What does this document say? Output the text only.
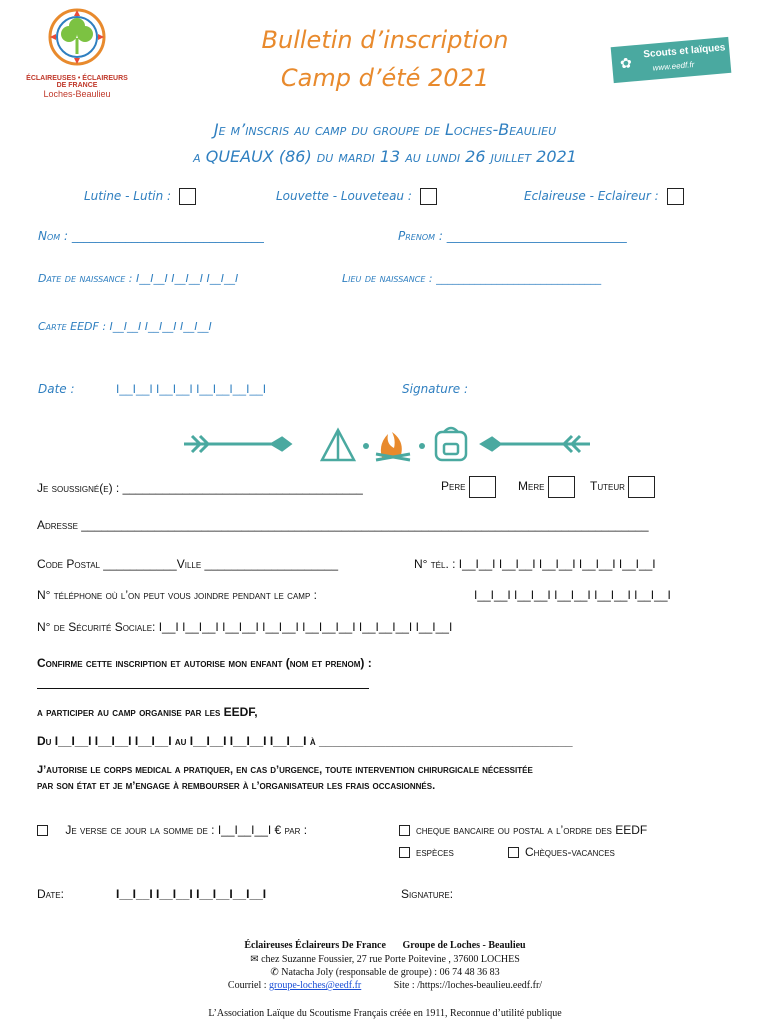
ÉCLAIREUSES • ÉCLAIREURS
DE FRANCE
Loches-Beaulieu
Bulletin d’inscription
Camp d’été 2021
✿
Scouts et laïques
www.eedf.fr
Je m’inscris au camp du groupe de Loches-Beaulieu
a QUEAUX (86) du mardi 13 au lundi 26 juillet 2021
Lutine - Lutin :	Louvette - Louveteau :	Eclaireuse - Eclaireur :
Nom : ________________________________	Prenom : ______________________________
Date de naissance : I__I__I I__I__I I__I__I	Lieu de naissance : ______________________________
Carte EEDF : I__I__I I__I__I I__I__I
Date :	I__I__I I__I__I I__I__I__I__I	Signature :
Je soussigné(e) : ____________________________________	Pere	Mere	Tuteur
Adresse _____________________________________________________________________________________
Code Postal ___________Ville ____________________	N° tél. : I__I__I I__I__I I__I__I I__I__I I__I__I
N° téléphone où l’on peut vous joindre pendant le camp :	I__I__I I__I__I I__I__I I__I__I I__I__I
N° de Sécurité Sociale: I__I I__I__I I__I__I I__I__I I__I__I__I I__I__I__I I__I__I
Confirme cette inscription et autorise mon enfant (nom et prenom) :
a participer au camp organise par les EEDF,
Du I__I__I I__I__I I__I__I au I__I__I I__I__I I__I__I à ______________________________________
J’autorise le corps medical a pratiquer, en cas d’urgence, toute intervention chirurgicale nécessitée
par son état et je m’engage à rembourser à l’organisateur les frais occasionnés.
Je verse ce jour la somme de : I__I__I__I € par :	cheque bancaire ou postal a l’ordre des EEDF
espèces	Chèques-vacances
Date:	I__I__I I__I__I I__I__I__I__I	Signature:
Éclaireuses Éclaireurs De France Groupe de Loches - Beaulieu
✉ chez Suzanne Foussier, 27 rue Porte Poitevine , 37600 LOCHES
✆ Natacha Joly (responsable de groupe) : 06 74 48 36 83
Courriel : groupe-loches@eedf.fr	Site : /https://loches-beaulieu.eedf.fr/
L’Association Laïque du Scoutisme Français créée en 1911, Reconnue d’utilité publique
